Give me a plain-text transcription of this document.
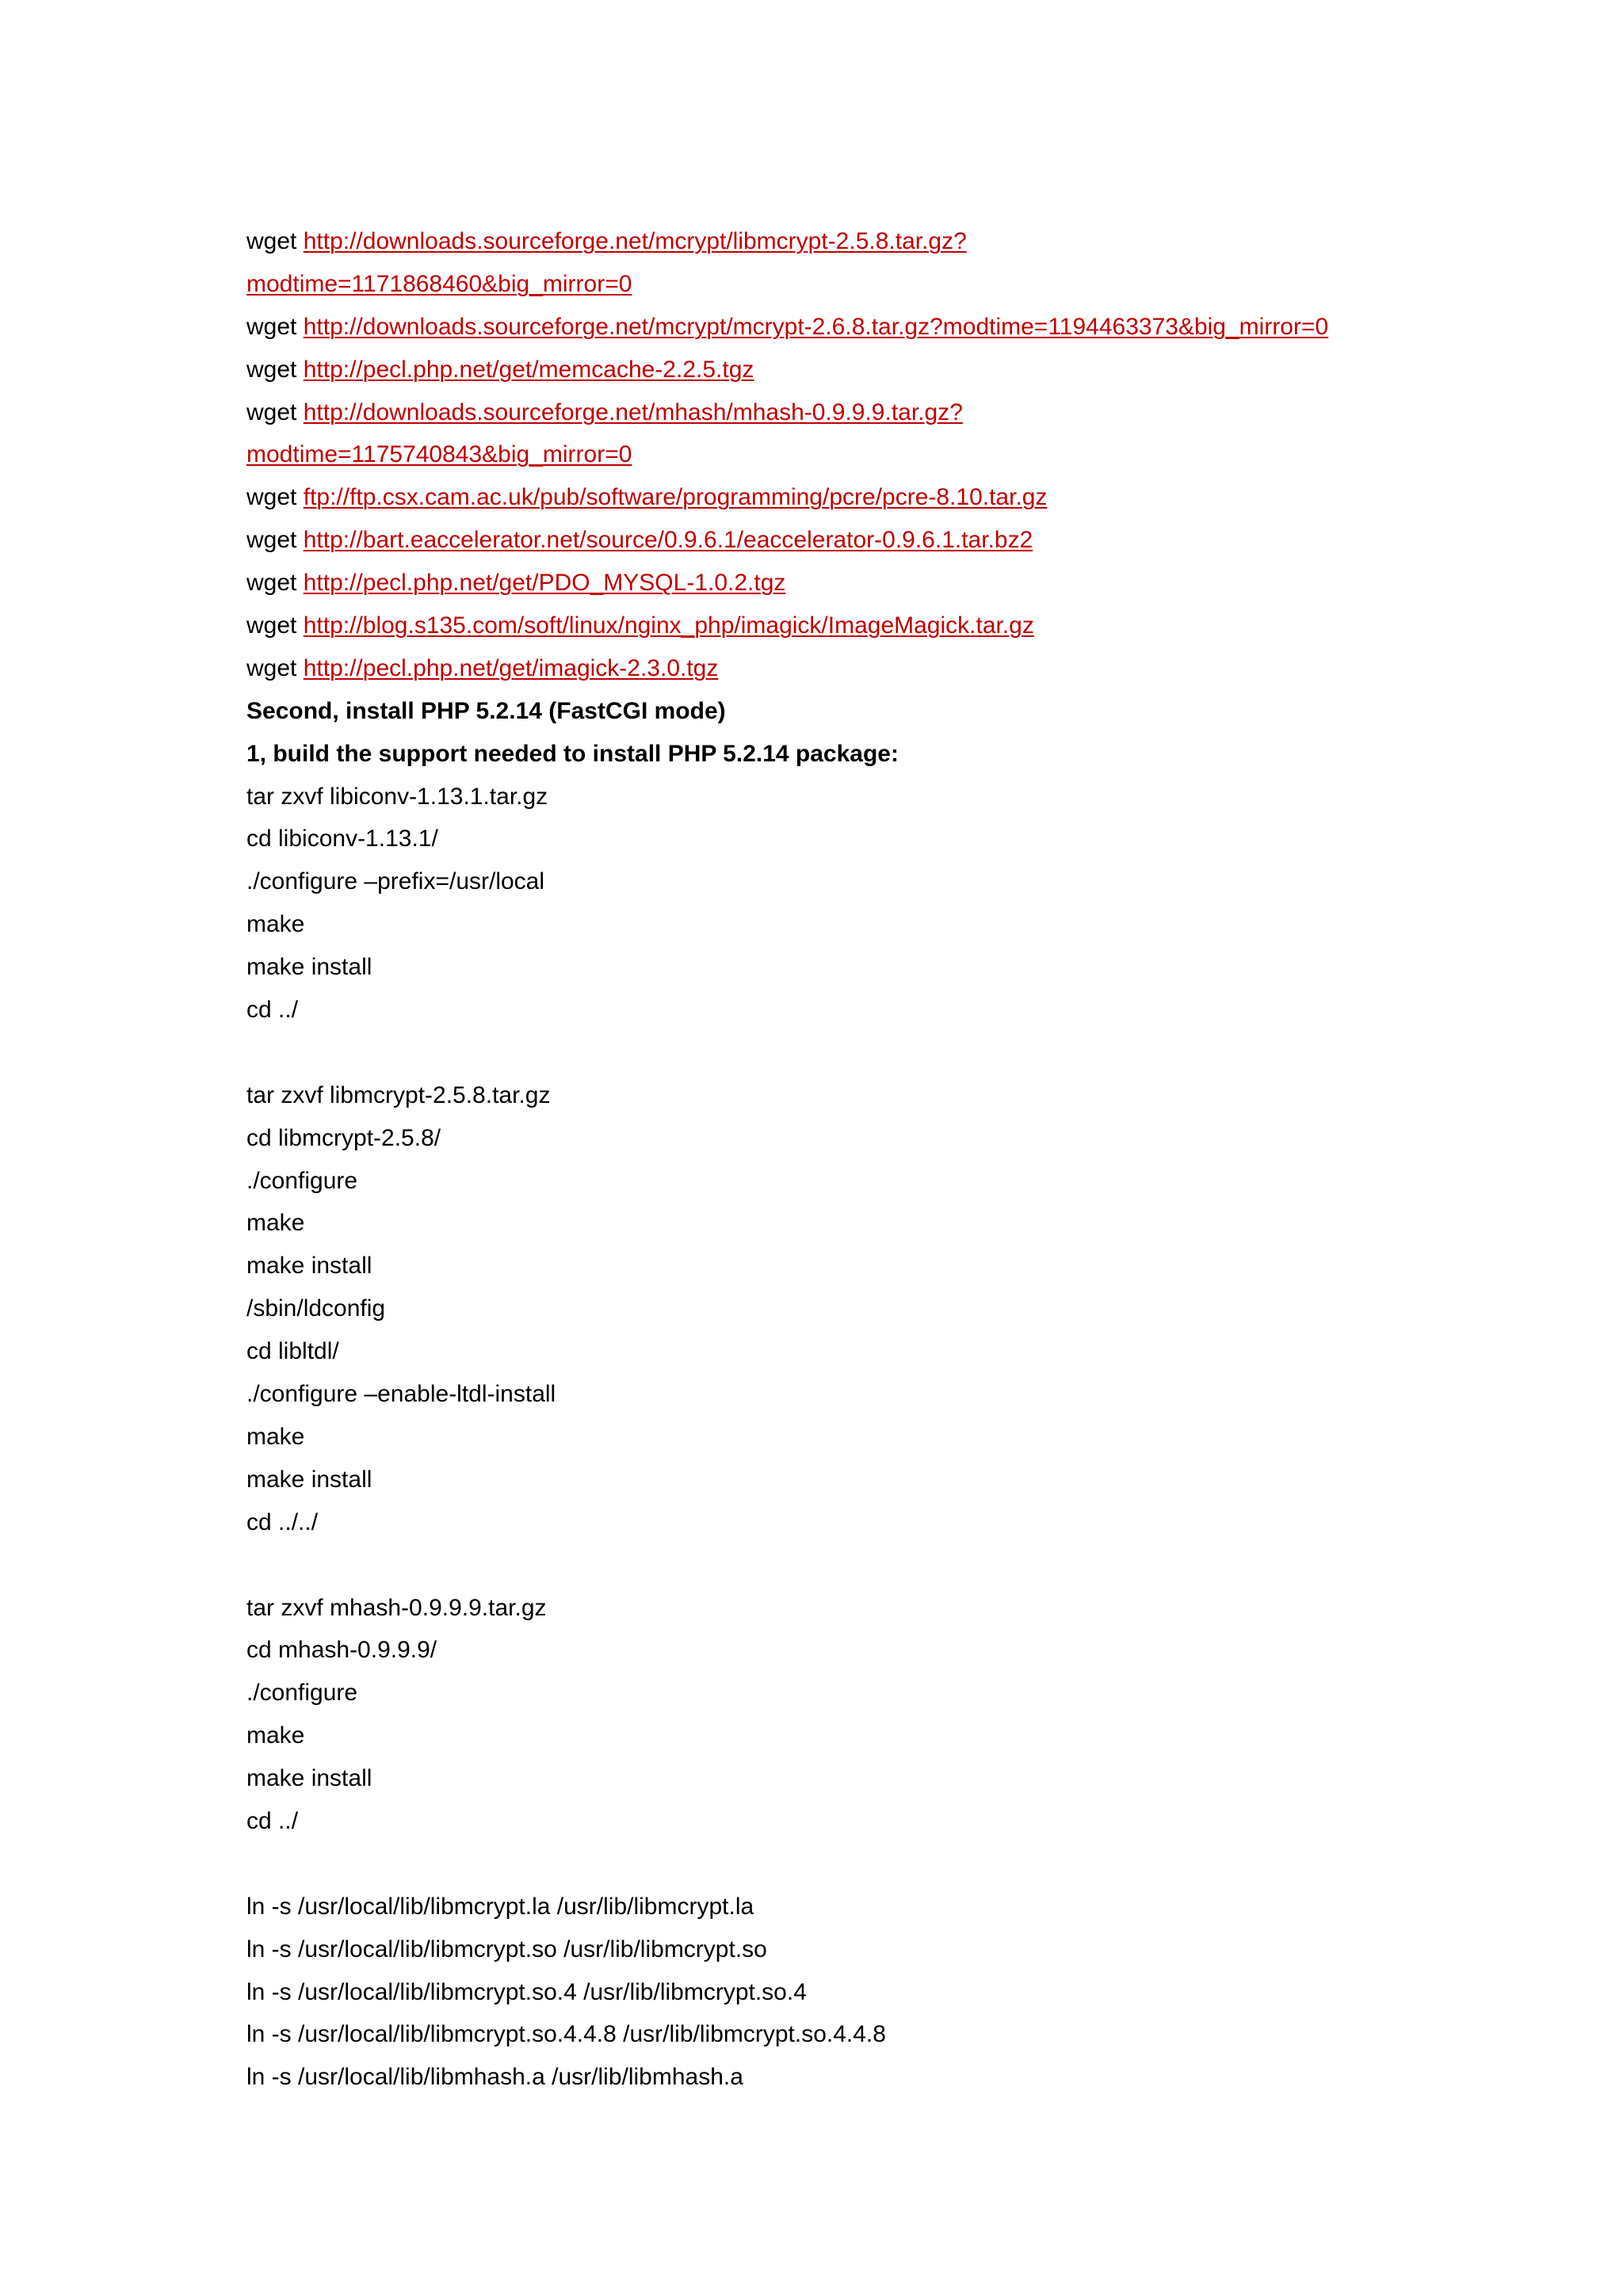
wget http://downloads.sourceforge.net/mcrypt/libmcrypt-2.5.8.tar.gz?
modtime=1171868460&big_mirror=0
wget http://downloads.sourceforge.net/mcrypt/mcrypt-2.6.8.tar.gz?modtime=1194463373&big_mirror=0
wget http://pecl.php.net/get/memcache-2.2.5.tgz
wget http://downloads.sourceforge.net/mhash/mhash-0.9.9.9.tar.gz?
modtime=1175740843&big_mirror=0
wget ftp://ftp.csx.cam.ac.uk/pub/software/programming/pcre/pcre-8.10.tar.gz
wget http://bart.eaccelerator.net/source/0.9.6.1/eaccelerator-0.9.6.1.tar.bz2
wget http://pecl.php.net/get/PDO_MYSQL-1.0.2.tgz
wget http://blog.s135.com/soft/linux/nginx_php/imagick/ImageMagick.tar.gz
wget http://pecl.php.net/get/imagick-2.3.0.tgz
Second, install PHP 5.2.14 (FastCGI mode)
1, build the support needed to install PHP 5.2.14 package:
tar zxvf libiconv-1.13.1.tar.gz
cd libiconv-1.13.1/
./configure –prefix=/usr/local
make
make install
cd ../
tar zxvf libmcrypt-2.5.8.tar.gz
cd libmcrypt-2.5.8/
./configure
make
make install
/sbin/ldconfig
cd libltdl/
./configure –enable-ltdl-install
make
make install
cd ../../
tar zxvf mhash-0.9.9.9.tar.gz
cd mhash-0.9.9.9/
./configure
make
make install
cd ../
ln -s /usr/local/lib/libmcrypt.la /usr/lib/libmcrypt.la
ln -s /usr/local/lib/libmcrypt.so /usr/lib/libmcrypt.so
ln -s /usr/local/lib/libmcrypt.so.4 /usr/lib/libmcrypt.so.4
ln -s /usr/local/lib/libmcrypt.so.4.4.8 /usr/lib/libmcrypt.so.4.4.8
ln -s /usr/local/lib/libmhash.a /usr/lib/libmhash.a
